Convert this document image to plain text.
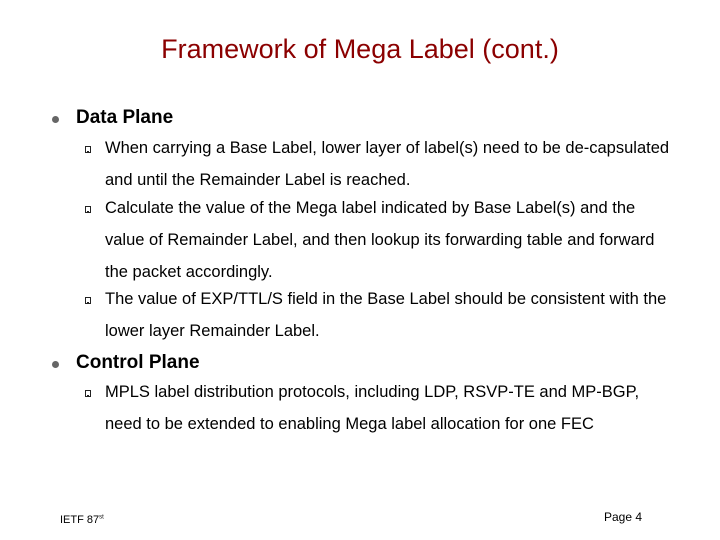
Framework of Mega Label (cont.)
Data Plane
When carrying a Base Label, lower layer of label(s) need to be de-capsulated and until the Remainder Label is reached.
Calculate the value of the Mega label indicated by Base Label(s) and the value of Remainder Label, and then lookup its forwarding table and forward the packet accordingly.
The value of EXP/TTL/S field in the Base Label should be consistent with the lower layer Remainder Label.
Control Plane
MPLS label distribution protocols, including LDP, RSVP-TE and MP-BGP, need to be extended to enabling Mega label allocation for one FEC
IETF 87st	Page 4
